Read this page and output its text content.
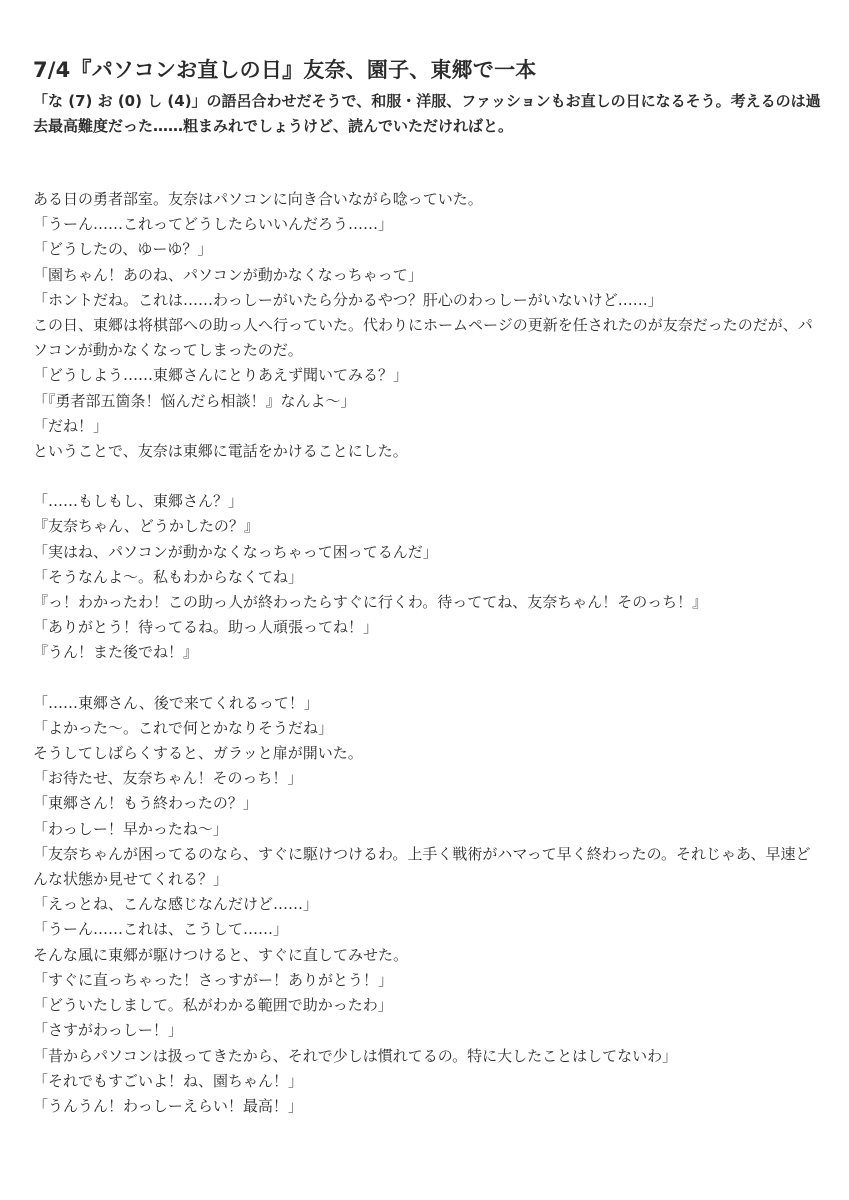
7/4『パソコンお直しの日』友奈、園子、東郷で一本

「な (7) お (0) し (4)」の語呂合わせだそうで、和服・洋服、ファッションもお直しの日になるそう。考えるのは過去最高難度だった……粗まみれでしょうけど、読んでいただければと。

ある日の勇者部室。友奈はパソコンに向き合いながら唸っていた。

「うーん……これってどうしたらいいんだろう……」

「どうしたの、ゆーゆ？」

「園ちゃん！あのね、パソコンが動かなくなっちゃって」

「ホントだね。これは……わっしーがいたら分かるやつ？肝心のわっしーがいないけど……」

この日、東郷は将棋部への助っ人へ行っていた。代わりにホームページの更新を任されたのが友奈だったのだが、パソコンが動かなくなってしまったのだ。

「どうしよう……東郷さんにとりあえず聞いてみる？」

「『勇者部五箇条！悩んだら相談！』なんよ〜」

「だね！」

ということで、友奈は東郷に電話をかけることにした。

「……もしもし、東郷さん？」

『友奈ちゃん、どうかしたの？』

「実はね、パソコンが動かなくなっちゃって困ってるんだ」

「そうなんよ〜。私もわからなくてね」

『っ！わかったわ！この助っ人が終わったらすぐに行くわ。待っててね、友奈ちゃん！そのっち！』

「ありがとう！待ってるね。助っ人頑張ってね！」

『うん！また後でね！』

「……東郷さん、後で来てくれるって！」

「よかった〜。これで何とかなりそうだね」

そうしてしばらくすると、ガラッと扉が開いた。

「お待たせ、友奈ちゃん！そのっち！」

「東郷さん！もう終わったの？」

「わっしー！早かったね〜」

「友奈ちゃんが困ってるのなら、すぐに駆けつけるわ。上手く戦術がハマって早く終わったの。それじゃあ、早速どんな状態か見せてくれる？」

「えっとね、こんな感じなんだけど……」

「うーん……これは、こうして……」

そんな風に東郷が駆けつけると、すぐに直してみせた。

「すぐに直っちゃった！さっすがー！ありがとう！」

「どういたしまして。私がわかる範囲で助かったわ」

「さすがわっしー！」

「昔からパソコンは扱ってきたから、それで少しは慣れてるの。特に大したことはしてないわ」

「それでもすごいよ！ね、園ちゃん！」

「うんうん！わっしーえらい！最高！」
